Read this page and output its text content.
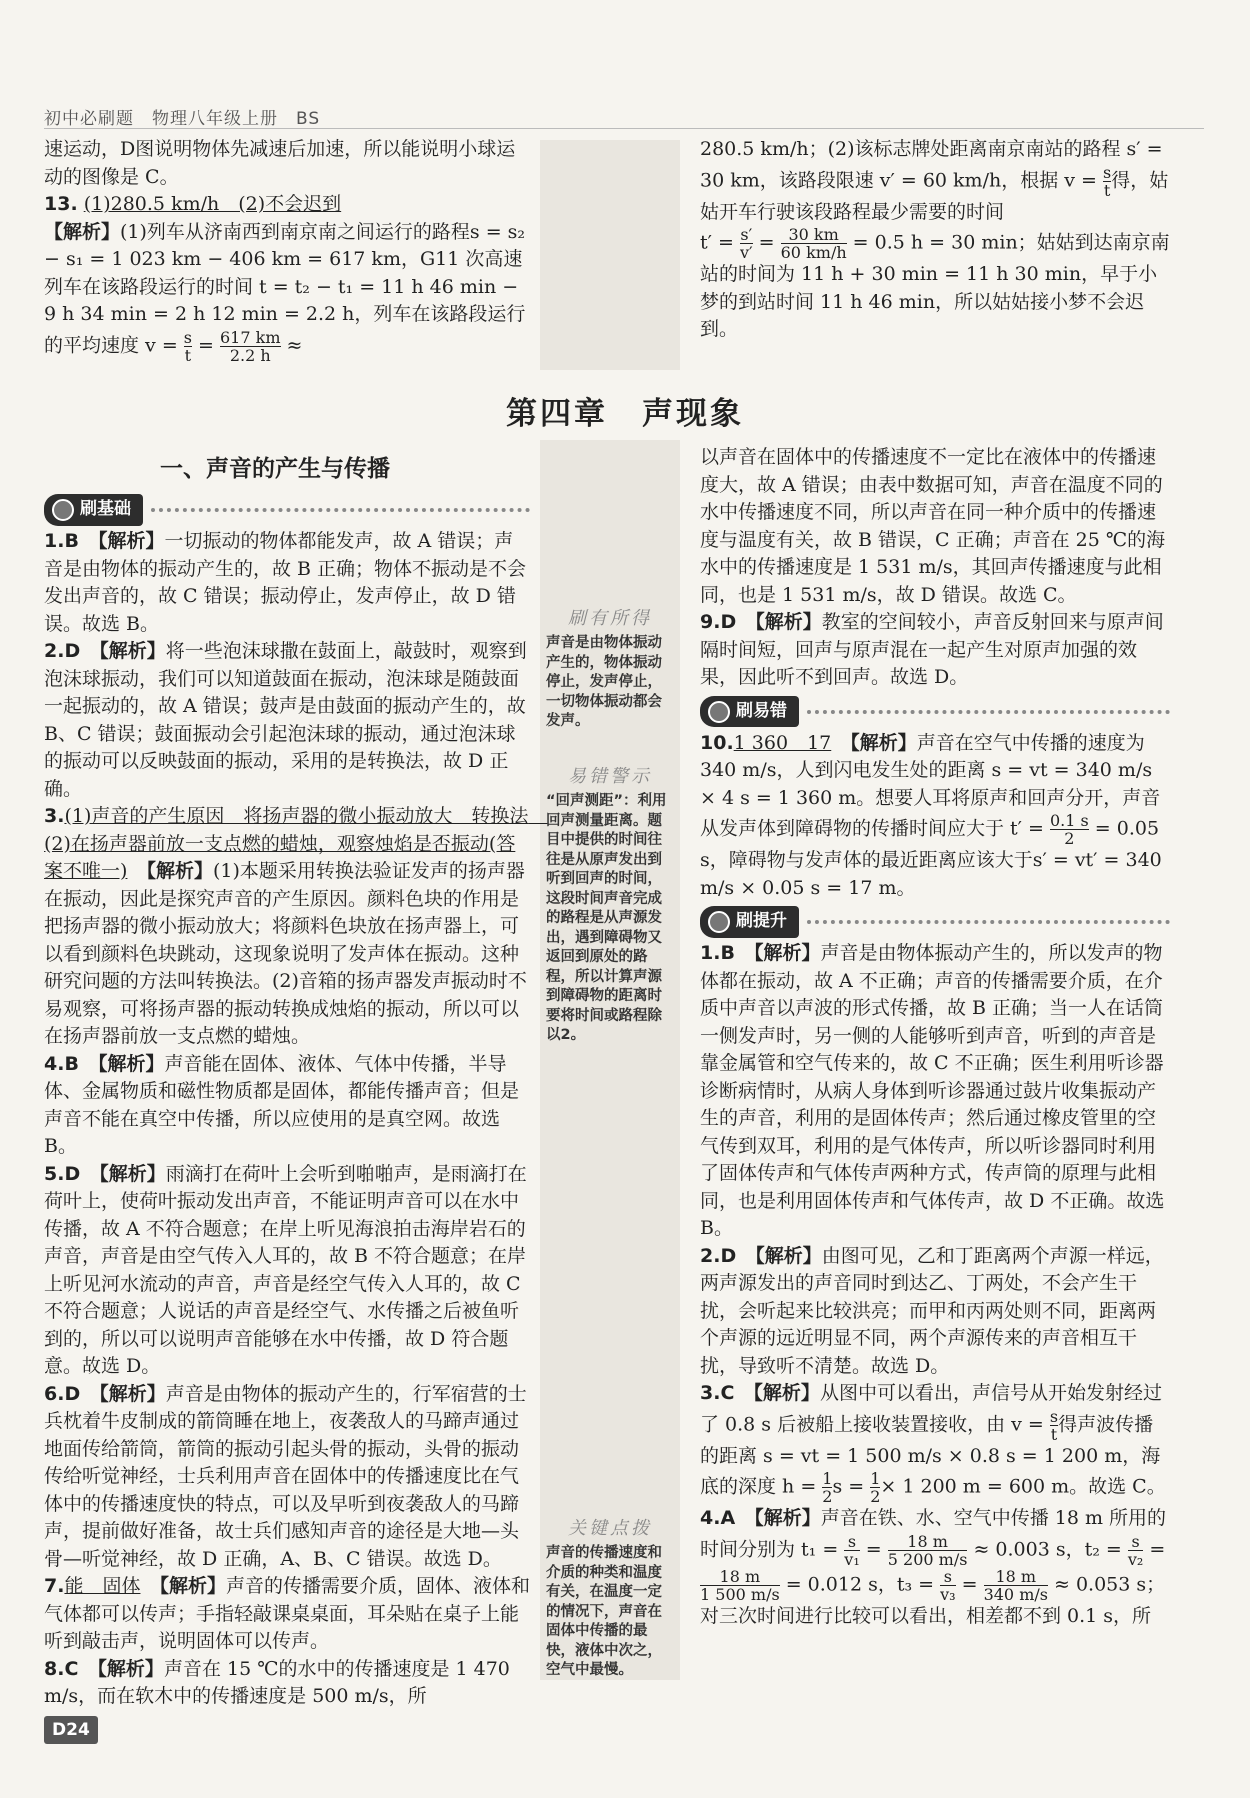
初中必刷题　物理八年级上册　BS

速运动，D图说明物体先减速后加速，所以能说明小球运动的图像是 C。

13. (1)280.5 km/h　(2)不会迟到
【解析】(1)列车从济南西到南京南之间运行的路程s = s₂ − s₁ = 1 023 km − 406 km = 617 km，G11 次高速列车在该路段运行的时间 t = t₂ − t₁ = 11 h 46 min − 9 h 34 min = 2 h 12 min = 2.2 h，列车在该路段运行的平均速度 $v = \frac{s}{t} = \frac{617 km}{2.2 h}$ ≈

280.5 km/h；(2)该标志牌处距离南京南站的路程 s′ = 30 km，该路段限速 v′ = 60 km/h，根据 $v = \frac{s}{t}$ 得，姑姑开车行驶该段路程最少需要的时间

$t' = \frac{s'}{v'} = \frac{30 km}{60 km/h} = 0.5$ h = 30 min；姑姑到达南京南站的时间为 11 h + 30 min = 11 h 30 min，早于小梦的到站时间 11 h 46 min，所以姑姑接小梦不会迟到。

第四章　声现象
一、声音的产生与传播
刷有所得
声音是由物体振动产生的，物体振动停止，发声停止，一切物体振动都会发声。
易错警示
“回声测距”：利用回声测量距离。题目中提供的时间往往是从原声发出到听到回声的时间，这段时间声音完成的路程是从声源发出，遇到障碍物又返回到原处的路程，所以计算声源到障碍物的距离时要将时间或路程除以2。
关键点拨
声音的传播速度和介质的种类和温度有关，在温度一定的情况下，声音在固体中传播的最快，液体中次之，空气中最慢。
刷基础

1.B　 【解析】一切振动的物体都能发声，故 A 错误；声音是由物体的振动产生的，故 B 正确；物体不振动是不会发出声音的，故 C 错误；振动停止，发声停止，故 D 错误。故选 B。

2.D　 【解析】将一些泡沫球撒在鼓面上，敲鼓时，观察到泡沫球振动，我们可以知道鼓面在振动，泡沫球是随鼓面一起振动的，故 A 错误；鼓声是由鼓面的振动产生的，故 B、C 错误；鼓面振动会引起泡沫球的振动，通过泡沫球的振动可以反映鼓面的振动，采用的是转换法，故 D 正确。

3.(1)声音的产生原因　将扬声器的微小振动放大　转换法　(2)在扬声器前放一支点燃的蜡烛，观察烛焰是否振动(答案不唯一)　 【解析】(1)本题采用转换法验证发声的扬声器在振动，因此是探究声音的产生原因。颜料色块的作用是把扬声器的微小振动放大；将颜料色块放在扬声器上，可以看到颜料色块跳动，这现象说明了发声体在振动。这种研究问题的方法叫转换法。(2)音箱的扬声器发声振动时不易观察，可将扬声器的振动转换成烛焰的振动，所以可以在扬声器前放一支点燃的蜡烛。

4.B　 【解析】声音能在固体、液体、气体中传播，半导体、金属物质和磁性物质都是固体，都能传播声音；但是声音不能在真空中传播，所以应使用的是真空网。故选 B。

5.D　 【解析】雨滴打在荷叶上会听到啪啪声，是雨滴打在荷叶上，使荷叶振动发出声音，不能证明声音可以在水中传播，故 A 不符合题意；在岸上听见海浪拍击海岸岩石的声音，声音是由空气传入人耳的，故 B 不符合题意；在岸上听见河水流动的声音，声音是经空气传入人耳的，故 C 不符合题意；人说话的声音是经空气、水传播之后被鱼听到的，所以可以说明声音能够在水中传播，故 D 符合题意。故选 D。

6.D　 【解析】声音是由物体的振动产生的，行军宿营的士兵枕着牛皮制成的箭筒睡在地上，夜袭敌人的马蹄声通过地面传给箭筒，箭筒的振动引起头骨的振动，头骨的振动传给听觉神经，士兵利用声音在固体中的传播速度比在气体中的传播速度快的特点，可以及早听到夜袭敌人的马蹄声，提前做好准备，故士兵们感知声音的途径是大地—头骨—听觉神经，故 D 正确，A、B、C 错误。故选 D。

7.能　固体　 【解析】声音的传播需要介质，固体、液体和气体都可以传声；手指轻敲课桌桌面，耳朵贴在桌子上能听到敲击声，说明固体可以传声。

8.C　 【解析】声音在 15 ℃的水中的传播速度是 1 470 m/s，而在软木中的传播速度是 500 m/s，所

以声音在固体中的传播速度不一定比在液体中的传播速度大，故 A 错误；由表中数据可知，声音在温度不同的水中传播速度不同，所以声音在同一种介质中的传播速度与温度有关，故 B 错误，C 正确；声音在 25 ℃的海水中的传播速度是 1 531 m/s，其回声传播速度与此相同，也是 1 531 m/s，故 D 错误。故选 C。

9.D　 【解析】教室的空间较小，声音反射回来与原声间隔时间短，回声与原声混在一起产生对原声加强的效果，因此听不到回声。故选 D。

刷易错

10.1 360　17　 【解析】声音在空气中传播的速度为 340 m/s，人到闪电发生处的距离 s = vt = 340 m/s × 4 s = 1 360 m。想要人耳将原声和回声分开，声音从发声体到障碍物的传播时间应大于 $t' = \frac{0.1 s}{2} = 0.05$ s，障碍物与发声体的最近距离应该大于s′ = vt′ = 340 m/s × 0.05 s = 17 m。

刷提升

1.B　 【解析】声音是由物体振动产生的，所以发声的物体都在振动，故 A 不正确；声音的传播需要介质，在介质中声音以声波的形式传播，故 B 正确；当一人在话筒一侧发声时，另一侧的人能够听到声音，听到的声音是靠金属管和空气传来的，故 C 不正确；医生利用听诊器诊断病情时，从病人身体到听诊器通过鼓片收集振动产生的声音，利用的是固体传声；然后通过橡皮管里的空气传到双耳，利用的是气体传声，所以听诊器同时利用了固体传声和气体传声两种方式，传声筒的原理与此相同，也是利用固体传声和气体传声，故 D 不正确。故选 B。

2.D　 【解析】由图可见，乙和丁距离两个声源一样远，两声源发出的声音同时到达乙、丁两处，不会产生干扰，会听起来比较洪亮；而甲和丙两处则不同，距离两个声源的远近明显不同，两个声源传来的声音相互干扰，导致听不清楚。故选 D。

3.C　 【解析】从图中可以看出，声信号从开始发射经过了 0.8 s 后被船上接收装置接收，由 $v = \frac{s}{t}$ 得声波传播的距离 s = vt = 1 500 m/s × 0.8 s = 1 200 m，海底的深度 $h = \frac{1}{2}$ $s = \frac{1}{2} \times 1$ 200 m = 600 m。故选 C。

4.A　 【解析】声音在铁、水、空气中传播 18 m 所用的时间分别为 $t_1 = \frac{s}{\text{v₁}} = \frac{18 m}{5 200 m/s} \approx 0.003$ s，$t_2 = \frac{s}{\text{v₂}}$ =
$\frac{18 m}{1 500 m/s} = 0.012$ s，$t_3 = \frac{s}{\text{v₃}} = \frac{18 m}{340 m/s} \approx 0.053$ s；对三次时间进行比较可以看出，相差都不到 0.1 s，所

D24
